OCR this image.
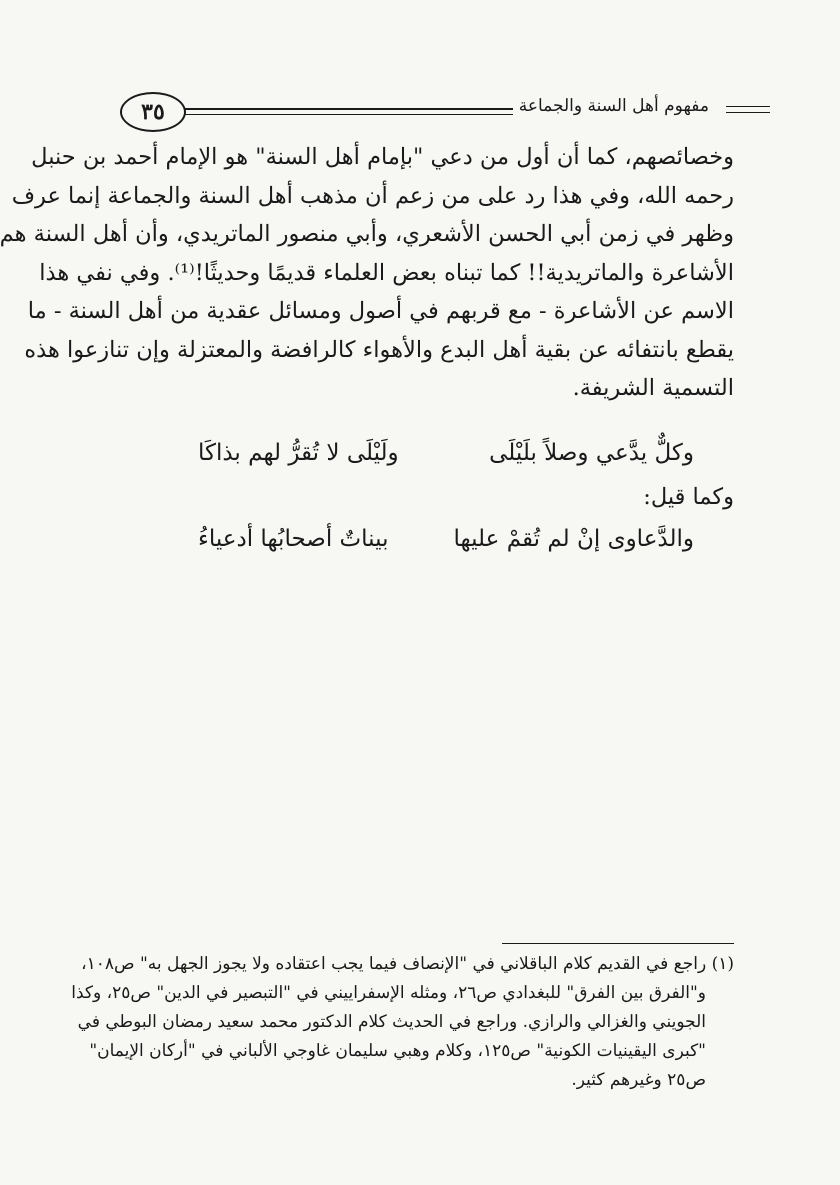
٣٥	مفهوم أهل السنة والجماعة
وخصائصهم، كما أن أول من دعي "بإمام أهل السنة" هو الإمام أحمد بن حنبل
رحمه الله، وفي هذا رد على من زعم أن مذهب أهل السنة والجماعة إنما عرف
وظهر في زمن أبي الحسن الأشعري، وأبي منصور الماتريدي، وأن أهل السنة هم
الأشاعرة والماتريدية!! كما تبناه بعض العلماء قديمًا وحديثًا!⁽¹⁾. وفي نفي هذا
الاسم عن الأشاعرة - مع قربهم في أصول ومسائل عقدية من أهل السنة - ما
يقطع بانتفائه عن بقية أهل البدع والأهواء كالرافضة والمعتزلة وإن تنازعوا هذه
التسمية الشريفة.
وكلٌّ يدَّعي وصلاً بلَيْلَى
ولَيْلَى لا تُقرُّ لهم بذاكَا
وكما قيل:
والدَّعاوى إنْ لم تُقمْ عليها
بيناتٌ أصحابُها أدعياءُ
(١) راجع في القديم كلام الباقلاني في "الإنصاف فيما يجب اعتقاده ولا يجوز الجهل به" ص١٠٨،
و"الفرق بين الفرق" للبغدادي ص٢٦، ومثله الإسفراييني في "التبصير في الدين" ص٢٥، وكذا
الجويني والغزالي والرازي. وراجع في الحديث كلام الدكتور محمد سعيد رمضان البوطي في
"كبرى اليقينيات الكونية" ص١٢٥، وكلام وهبي سليمان غاوجي الألباني في "أركان الإيمان"
ص٢٥ وغيرهم كثير.
